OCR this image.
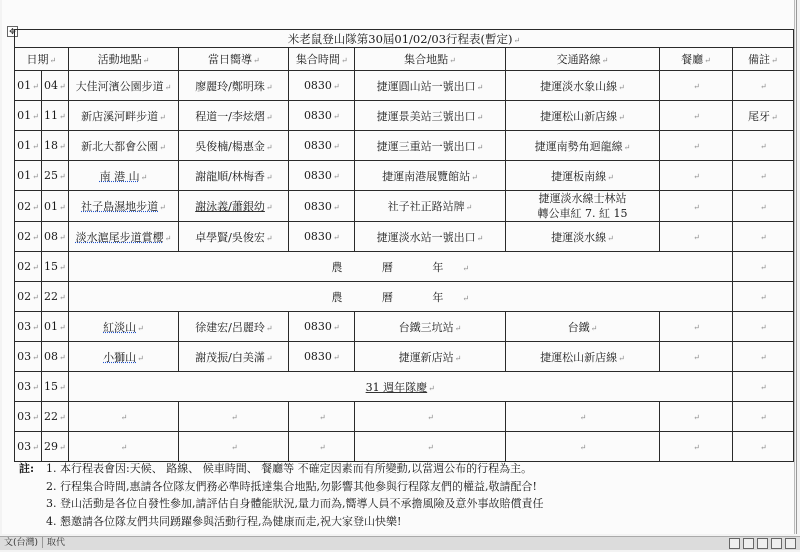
✥	米老鼠登山隊第30屆01/02/03行程表(暫定)↵								
日期↵		活動地點↵	當日嚮導↵	集合時間↵	集合地點↵	交通路線↵	餐廳↵	備註↵
01↵	04↵	大佳河濱公園步道↵	廖麗玲/鄭明珠↵	0830↵	捷運圓山站一號出口↵	捷運淡水象山線↵	↵	↵
01↵	11↵	新店溪河畔步道↵	程道一/李炫熠↵	0830↵	捷運景美站三號出口↵	捷運松山新店線↵	↵	尾牙↵
01↵	18↵	新北大都會公園↵	吳俊楠/楊惠金↵	0830↵	捷運三重站一號出口↵	捷運南勢角迴龍線↵	↵	↵
01↵	25↵	南 港 山↵	謝龍順/林梅香↵	0830↵	捷運南港展覽館站↵	捷運板南線↵	↵	↵
02↵	01↵	社子島濕地步道↵	謝泳義/蕭銀幼↵	0830↵	社子社正路站牌↵	捷運淡水線士林站
轉公車紅 7. 紅 15	↵	↵
02↵	08↵	淡水滬尾步道賞櫻↵	卓學賢/吳俊宏↵	0830↵	捷運淡水站一號出口↵	捷運淡水線↵	↵	↵
02↵	15↵	農 曆 年↵						↵
02↵	22↵	農 曆 年↵						↵
03↵	01↵	紅淡山↵	徐建宏/呂麗玲↵	0830↵	台鐵三坑站↵	台鐵↵	↵	↵
03↵	08↵	小獅山↵	謝茂振/白美滿↵	0830↵	捷運新店站↵	捷運松山新店線↵	↵	↵
03↵	15↵	31 週年隊慶↵						↵
03↵	22↵	↵	↵	↵	↵	↵	↵	↵
03↵	29↵	↵	↵	↵	↵	↵	↵	↵
註: 1. 本行程表會因:天候、 路線、 候車時間、 餐廳等 不確定因素而有所變動,以當週公布的行程為主。
2. 行程集合時間,惠請各位隊友們務必準時抵達集合地點,勿影響其他參與行程隊友們的權益,敬請配合!
3. 登山活動是各位自發性參加,請評估自身體能狀況,量力而為,嚮導人員不承擔風險及意外事故賠償責任
4. 懇邀請各位隊友們共同踴躍參與活動行程,為健康而走,祝大家登山快樂!
文(台灣) 取代
